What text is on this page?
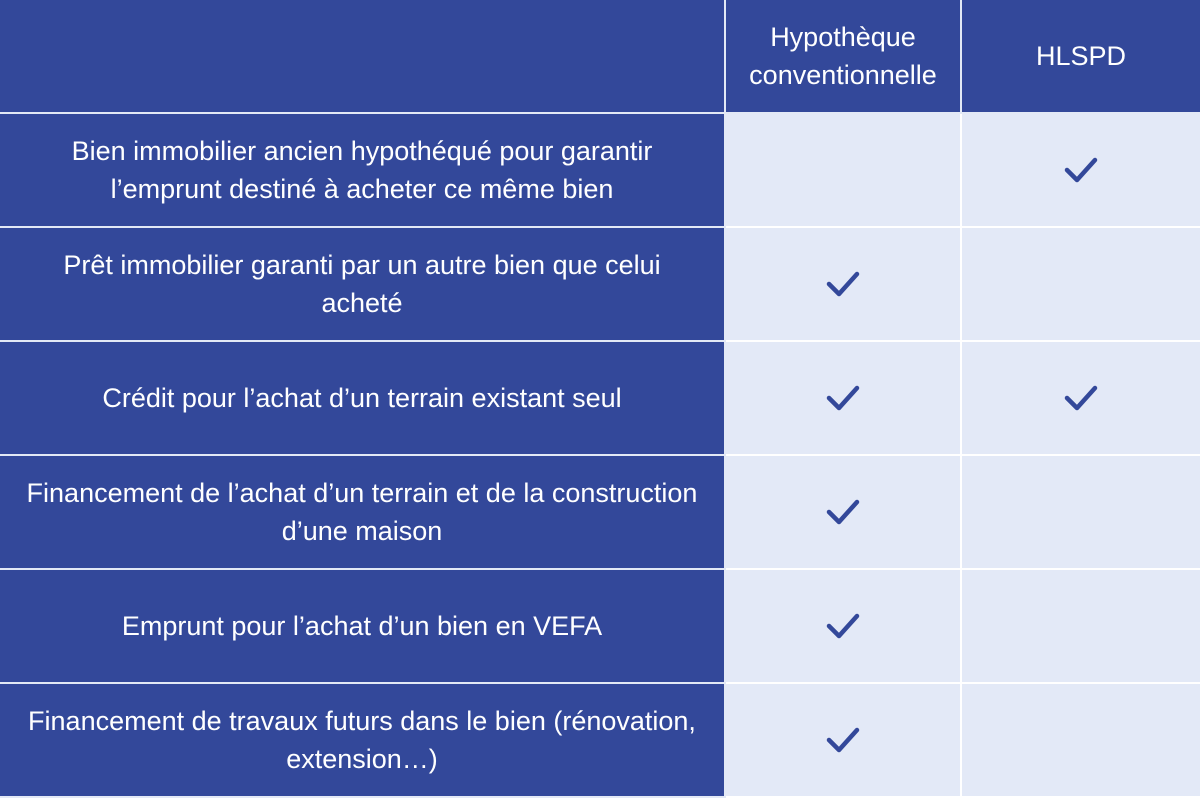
Hypothèque conventionnelle
HLSPD
Bien immobilier ancien hypothéqué pour garantir l’emprunt destiné à acheter ce même bien
Prêt immobilier garanti par un autre bien que celui acheté
Crédit pour l’achat d’un terrain existant seul
Financement de l’achat d’un terrain et de la construction d’une maison
Emprunt pour l’achat d’un bien en VEFA
Financement de travaux futurs dans le bien (rénovation, extension…)
